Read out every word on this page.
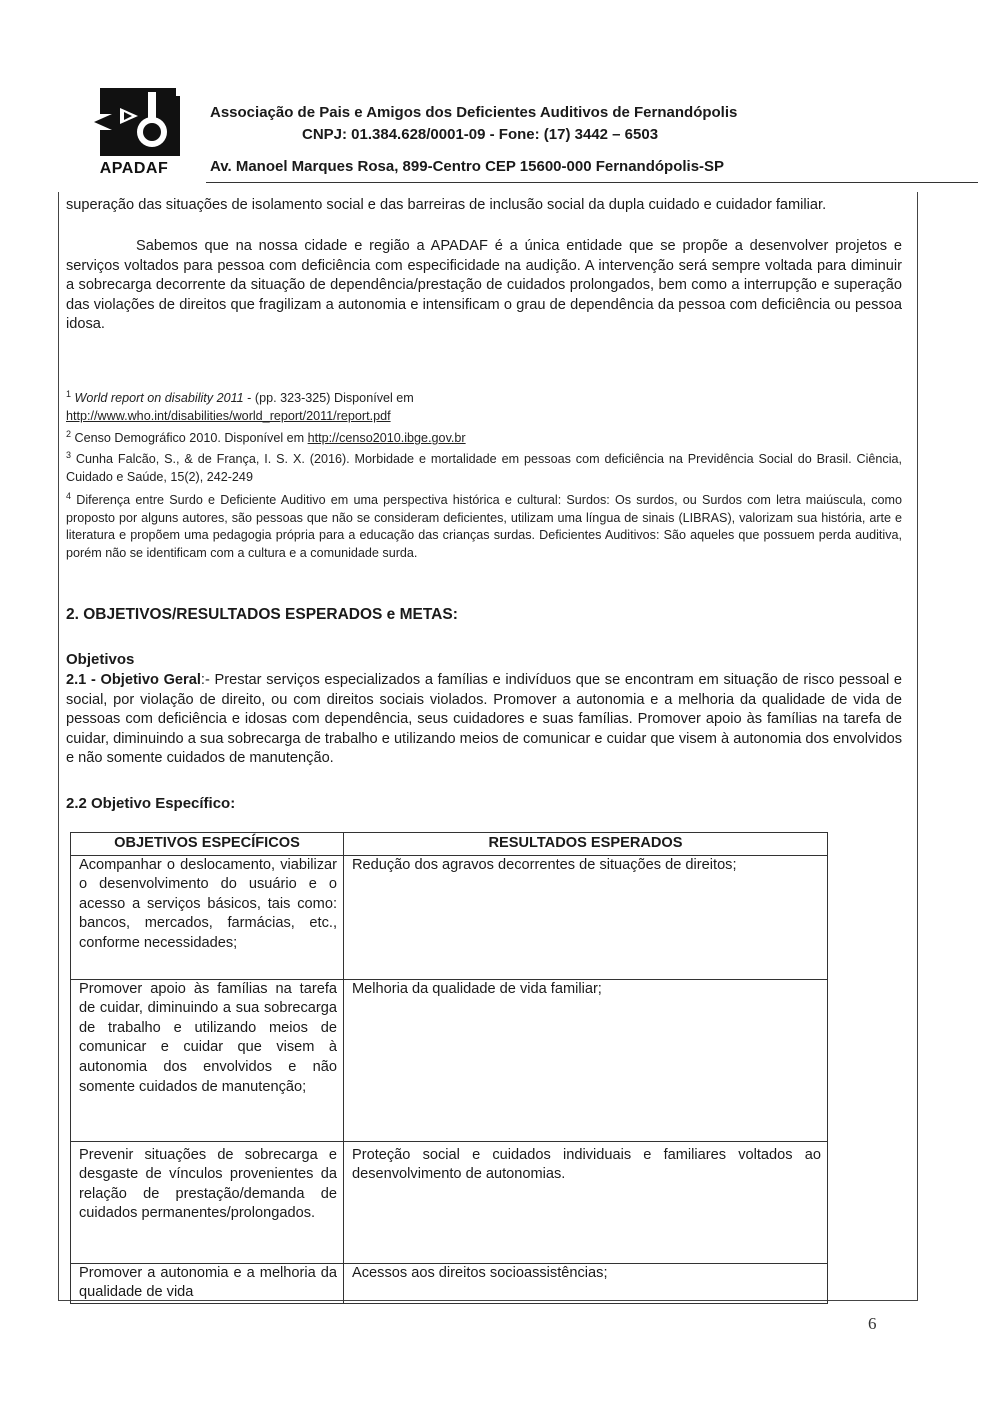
APADAF
Associação de Pais e Amigos dos Deficientes Auditivos de Fernandópolis
CNPJ: 01.384.628/0001-09 - Fone: (17) 3442 – 6503
Av. Manoel Marques Rosa, 899-Centro CEP 15600-000 Fernandópolis-SP
superação das situações de isolamento social e das barreiras de inclusão social da dupla cuidado e cuidador familiar.
Sabemos que na nossa cidade e região a APADAF é a única entidade que se propõe a desenvolver projetos e serviços voltados para pessoa com deficiência com especificidade na audição. A intervenção será sempre voltada para diminuir a sobrecarga decorrente da situação de dependência/prestação de cuidados prolongados, bem como a interrupção e superação das violações de direitos que fragilizam a autonomia e intensificam o grau de dependência da pessoa com deficiência ou pessoa idosa.
$^1$ World report on disability 2011 - (pp. 323-325) Disponível em
http://www.who.int/disabilities/world_report/2011/report.pdf
$^2$ Censo Demográfico 2010. Disponível em http://censo2010.ibge.gov.br
$^3$ Cunha Falcão, S., & de França, I. S. X. (2016). Morbidade e mortalidade em pessoas com deficiência na Previdência Social do Brasil. Ciência, Cuidado e Saúde, 15(2), 242-249
$^4$ Diferença entre Surdo e Deficiente Auditivo em uma perspectiva histórica e cultural: Surdos: Os surdos, ou Surdos com letra maiúscula, como proposto por alguns autores, são pessoas que não se consideram deficientes, utilizam uma língua de sinais (LIBRAS), valorizam sua história, arte e literatura e propõem uma pedagogia própria para a educação das crianças surdas. Deficientes Auditivos: São aqueles que possuem perda auditiva, porém não se identificam com a cultura e a comunidade surda.
2. OBJETIVOS/RESULTADOS ESPERADOS e METAS:
Objetivos
2.1 - Objetivo Geral:- Prestar serviços especializados a famílias e indivíduos que se encontram em situação de risco pessoal e social, por violação de direito, ou com direitos sociais violados. Promover a autonomia e a melhoria da qualidade de vida de pessoas com deficiência e idosas com dependência, seus cuidadores e suas famílias. Promover apoio às famílias na tarefa de cuidar, diminuindo a sua sobrecarga de trabalho e utilizando meios de comunicar e cuidar que visem à autonomia dos envolvidos e não somente cuidados de manutenção.
2.2 Objetivo Específico:
OBJETIVOS ESPECÍFICOS	RESULTADOS ESPERADOS
Acompanhar o deslocamento, viabilizar o desenvolvimento do usuário e o acesso a serviços básicos, tais como: bancos, mercados, farmácias, etc., conforme necessidades;	Redução dos agravos decorrentes de situações de direitos;
Promover apoio às famílias na tarefa de cuidar, diminuindo a sua sobrecarga de trabalho e utilizando meios de comunicar e cuidar que visem à autonomia dos envolvidos e não somente cuidados de manutenção;	Melhoria da qualidade de vida familiar;
Prevenir situações de sobrecarga e desgaste de vínculos provenientes da relação de prestação/demanda de cuidados permanentes/prolongados.	Proteção social e cuidados individuais e familiares voltados ao desenvolvimento de autonomias.
Promover a autonomia e a melhoria da qualidade de vida	Acessos aos direitos socioassistências;
6
